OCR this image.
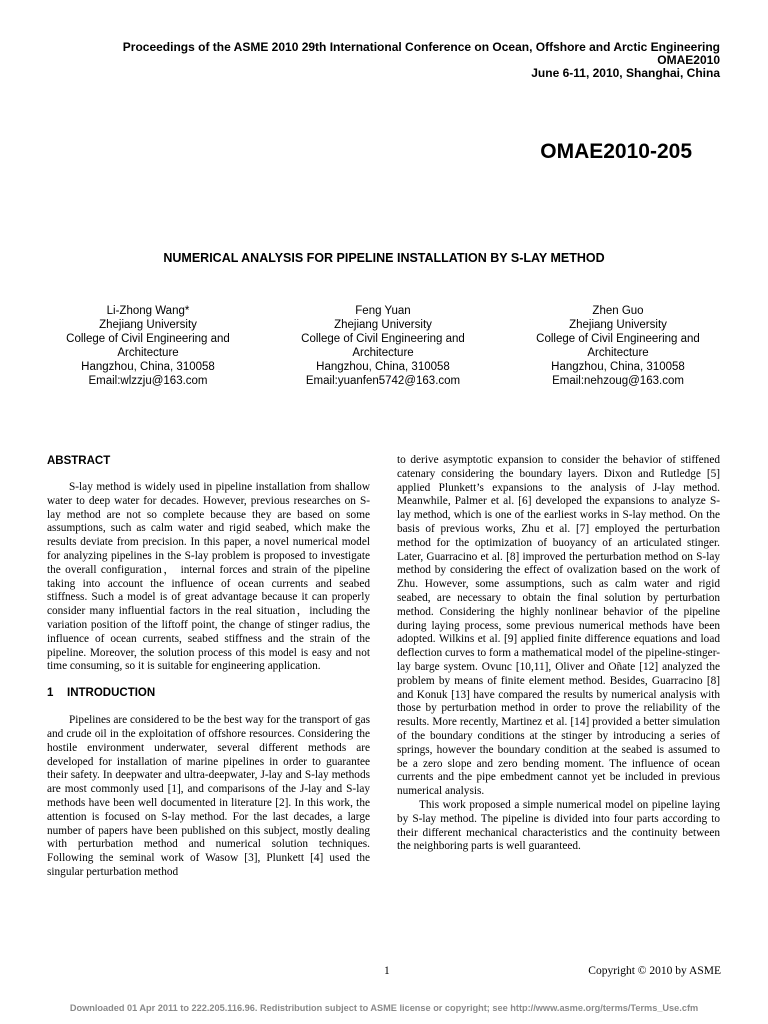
Proceedings of the ASME 2010 29th International Conference on Ocean, Offshore and Arctic Engineering
OMAE2010
June 6-11, 2010, Shanghai, China
OMAE2010-205
NUMERICAL ANALYSIS FOR PIPELINE INSTALLATION BY S-LAY METHOD
Li-Zhong Wang*
Zhejiang University
College of Civil Engineering and
Architecture
Hangzhou, China, 310058
Email:wlzzju@163.com
Feng Yuan
Zhejiang University
College of Civil Engineering and
Architecture
Hangzhou, China, 310058
Email:yuanfen5742@163.com
Zhen Guo
Zhejiang University
College of Civil Engineering and
Architecture
Hangzhou, China, 310058
Email:nehzoug@163.com
ABSTRACT

S-lay method is widely used in pipeline installation from shallow water to deep water for decades. However, previous researches on S-lay method are not so complete because they are based on some assumptions, such as calm water and rigid seabed, which make the results deviate from precision. In this paper, a novel numerical model for analyzing pipelines in the S-lay problem is proposed to investigate the overall configuration， internal forces and strain of the pipeline taking into account the influence of ocean currents and seabed stiffness. Such a model is of great advantage because it can properly consider many influential factors in the real situation，including the variation position of the liftoff point, the change of stinger radius, the influence of ocean currents, seabed stiffness and the strain of the pipeline. Moreover, the solution process of this model is easy and not time consuming, so it is suitable for engineering application.

1 INTRODUCTION

Pipelines are considered to be the best way for the transport of gas and crude oil in the exploitation of offshore resources. Considering the hostile environment underwater, several different methods are developed for installation of marine pipelines in order to guarantee their safety. In deepwater and ultra-deepwater, J-lay and S-lay methods are most commonly used [1], and comparisons of the J-lay and S-lay methods have been well documented in literature [2]. In this work, the attention is focused on S-lay method. For the last decades, a large number of papers have been published on this subject, mostly dealing with perturbation method and numerical solution techniques. Following the seminal work of Wasow [3], Plunkett [4] used the singular perturbation method

to derive asymptotic expansion to consider the behavior of stiffened catenary considering the boundary layers. Dixon and Rutledge [5] applied Plunkett’s expansions to the analysis of J-lay method. Meanwhile, Palmer et al. [6] developed the expansions to analyze S-lay method, which is one of the earliest works in S-lay method. On the basis of previous works, Zhu et al. [7] employed the perturbation method for the optimization of buoyancy of an articulated stinger. Later, Guarracino et al. [8] improved the perturbation method on S-lay method by considering the effect of ovalization based on the work of Zhu. However, some assumptions, such as calm water and rigid seabed, are necessary to obtain the final solution by perturbation method. Considering the highly nonlinear behavior of the pipeline during laying process, some previous numerical methods have been adopted. Wilkins et al. [9] applied finite difference equations and load deflection curves to form a mathematical model of the pipeline-stinger-lay barge system. Ovunc [10,11], Oliver and Oñate [12] analyzed the problem by means of finite element method. Besides, Guarracino [8] and Konuk [13] have compared the results by numerical analysis with those by perturbation method in order to prove the reliability of the results. More recently, Martinez et al. [14] provided a better simulation of the boundary conditions at the stinger by introducing a series of springs, however the boundary condition at the seabed is assumed to be a zero slope and zero bending moment. The influence of ocean currents and the pipe embedment cannot yet be included in previous numerical analysis.

This work proposed a simple numerical model on pipeline laying by S-lay method. The pipeline is divided into four parts according to their different mechanical characteristics and the continuity between the neighboring parts is well guaranteed.

1	Copyright © 2010 by ASME
Downloaded 01 Apr 2011 to 222.205.116.96. Redistribution subject to ASME license or copyright; see http://www.asme.org/terms/Terms_Use.cfm
